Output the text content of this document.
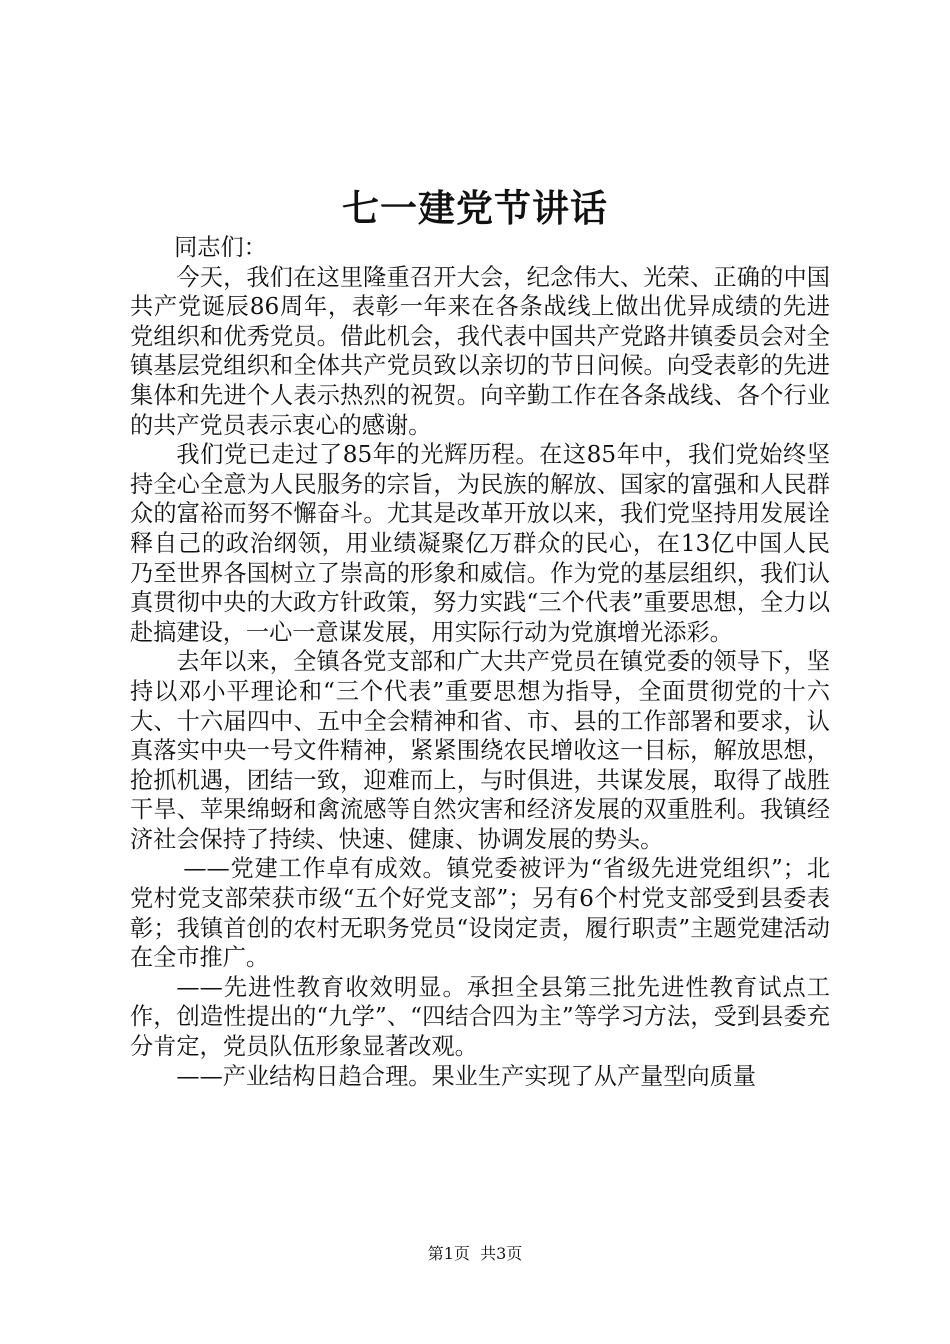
七一建党节讲话

同志们：

今天，我们在这里隆重召开大会，纪念伟大、光荣、正确的中国共产党诞辰86周年，表彰一年来在各条战线上做出优异成绩的先进党组织和优秀党员。借此机会，我代表中国共产党路井镇委员会对全镇基层党组织和全体共产党员致以亲切的节日问候。向受表彰的先进集体和先进个人表示热烈的祝贺。向辛勤工作在各条战线、各个行业的共产党员表示衷心的感谢。

我们党已走过了85年的光辉历程。在这85年中，我们党始终坚持全心全意为人民服务的宗旨，为民族的解放、国家的富强和人民群众的富裕而努不懈奋斗。尤其是改革开放以来，我们党坚持用发展诠释自己的政治纲领，用业绩凝聚亿万群众的民心，在13亿中国人民乃至世界各国树立了崇高的形象和威信。作为党的基层组织，我们认真贯彻中央的大政方针政策，努力实践“三个代表”重要思想，全力以赴搞建设，一心一意谋发展，用实际行动为党旗增光添彩。

去年以来，全镇各党支部和广大共产党员在镇党委的领导下，坚持以邓小平理论和“三个代表”重要思想为指导，全面贯彻党的十六大、十六届四中、五中全会精神和省、市、县的工作部署和要求，认真落实中央一号文件精神，紧紧围绕农民增收这一目标，解放思想，抢抓机遇，团结一致，迎难而上，与时俱进，共谋发展，取得了战胜干旱、苹果绵蚜和禽流感等自然灾害和经济发展的双重胜利。我镇经济社会保持了持续、快速、健康、协调发展的势头。

——党建工作卓有成效。镇党委被评为“省级先进党组织”；北党村党支部荣获市级“五个好党支部”；另有6个村党支部受到县委表彰；我镇首创的农村无职务党员“设岗定责，履行职责”主题党建活动在全市推广。

——先进性教育收效明显。承担全县第三批先进性教育试点工作，创造性提出的“九学”、“四结合四为主”等学习方法，受到县委充分肯定，党员队伍形象显著改观。

——产业结构日趋合理。果业生产实现了从产量型向质量

第1页  共3页
